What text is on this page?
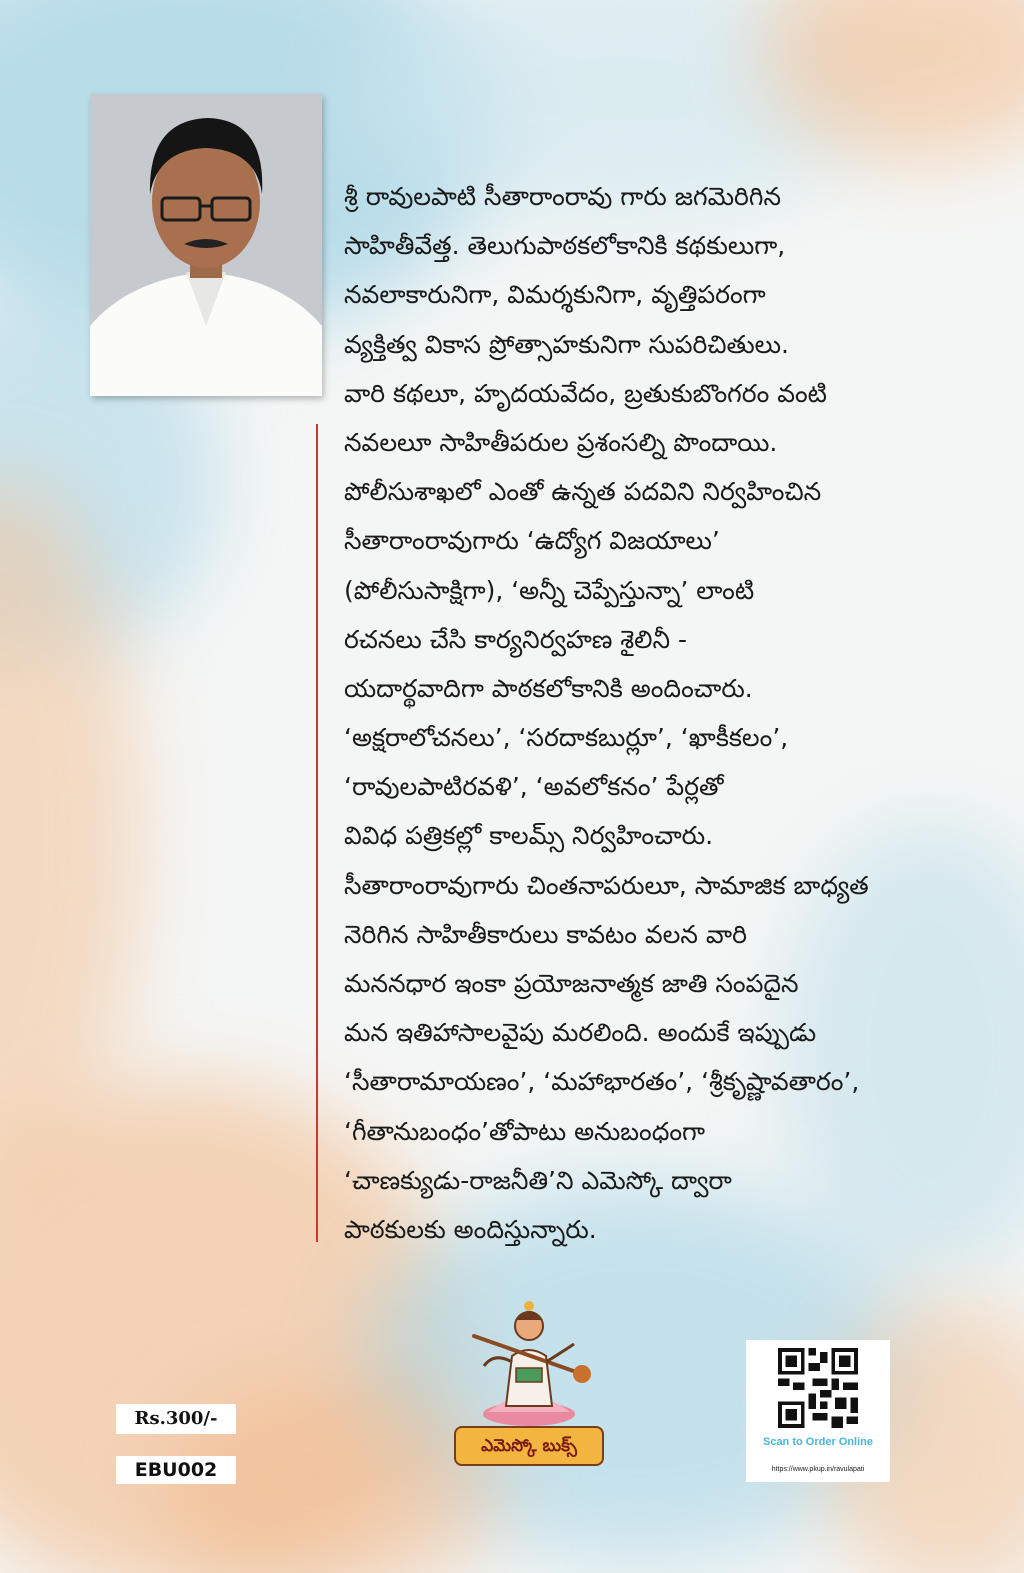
శ్రీ రావులపాటి సీతారాంరావు గారు జగమెరిగిన
సాహితీవేత్త. తెలుగుపాఠకలోకానికి కథకులుగా,
నవలాకారునిగా, విమర్శకునిగా, వృత్తిపరంగా
వ్యక్తిత్వ వికాస ప్రోత్సాహకునిగా సుపరిచితులు.
వారి కథలూ, హృదయవేదం, బ్రతుకుబొంగరం వంటి
నవలలూ సాహితీపరుల ప్రశంసల్ని పొందాయి.
పోలీసుశాఖలో ఎంతో ఉన్నత పదవిని నిర్వహించిన
సీతారాంరావుగారు ‘ఉద్యోగ విజయాలు’
(పోలీసుసాక్షిగా), ‘అన్నీ చెప్పేస్తున్నా’ లాంటి
రచనలు చేసి కార్యనిర్వహణ శైలినీ -
యదార్థవాదిగా పాఠకలోకానికి అందించారు.
‘అక్షరాలోచనలు’, ‘సరదాకబుర్లూ’, ‘ఖాకీకలం’,
‘రావులపాటిరవళి’, ‘అవలోకనం’ పేర్లతో
వివిధ పత్రికల్లో కాలమ్స్ నిర్వహించారు.
సీతారాంరావుగారు చింతనాపరులూ, సామాజిక బాధ్యత
నెరిగిన సాహితీకారులు కావటం వలన వారి
మననధార ఇంకా ప్రయోజనాత్మక జాతి సంపదైన
మన ఇతిహాసాలవైపు మరలింది. అందుకే ఇప్పుడు
‘సీతారామాయణం’, ‘మహాభారతం’, ‘శ్రీకృష్ణావతారం’,
‘గీతానుబంధం’తోపాటు అనుబంధంగా
‘చాణక్యుడు-రాజనీతి’ని ఎమెస్కో ద్వారా
పాఠకులకు అందిస్తున్నారు.
Rs.300/-
EBU002
ఎమెస్కో బుక్స్	Scan to Order Online
https://www.pkup.in/ravulapati
